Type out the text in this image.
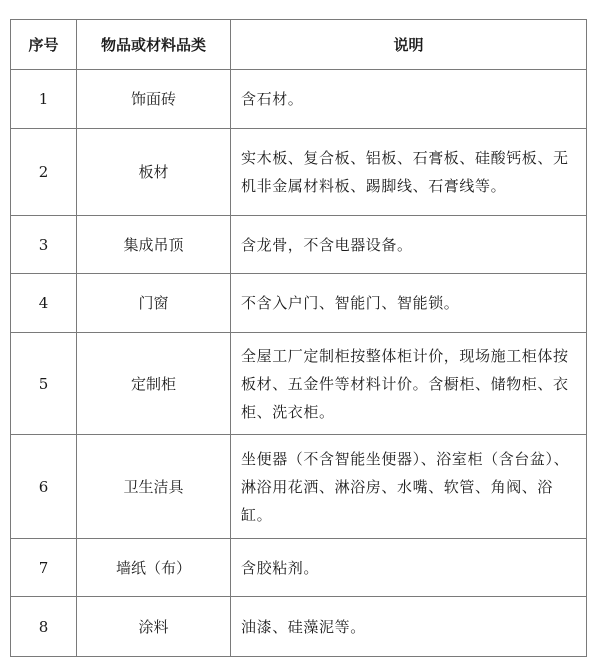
序号	物品或材料品类	说明
1	饰面砖	含石材。
2	板材	实木板、复合板、铝板、石膏板、硅酸钙板、无机非金属材料板、踢脚线、石膏线等。
3	集成吊顶	含龙骨，不含电器设备。
4	门窗	不含入户门、智能门、智能锁。
5	定制柜	全屋工厂定制柜按整体柜计价，现场施工柜体按板材、五金件等材料计价。含橱柜、储物柜、衣柜、洗衣柜。
6	卫生洁具	坐便器（不含智能坐便器）、浴室柜（含台盆）、淋浴用花洒、淋浴房、水嘴、软管、角阀、浴缸。
7	墙纸（布）	含胶粘剂。
8	涂料	油漆、硅藻泥等。
